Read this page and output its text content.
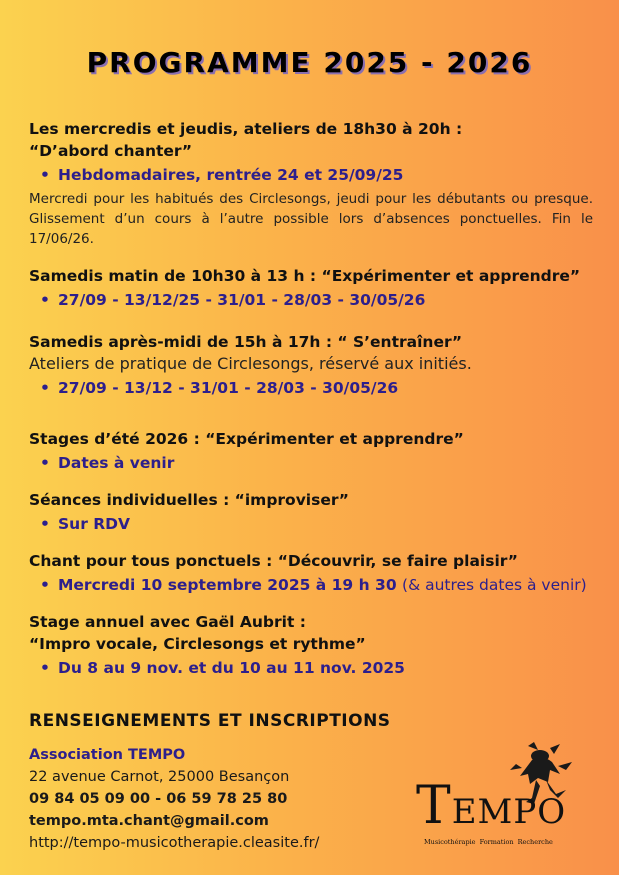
PROGRAMME 2025 - 2026
Les mercredis et jeudis, ateliers de 18h30 à 20h :
“D’abord chanter”
• Hebdomadaires, rentrée 24 et 25/09/25
Mercredi pour les habitués des Circlesongs, jeudi pour les débutants ou presque. Glissement d’un cours à l’autre possible lors d’absences ponctuelles. Fin le 17/06/26.
Samedis matin de 10h30 à 13 h : “Expérimenter et apprendre”
• 27/09 - 13/12/25 - 31/01 - 28/03 - 30/05/26
Samedis après-midi de 15h à 17h : “ S’entraîner”
Ateliers de pratique de Circlesongs, réservé aux initiés.
• 27/09 - 13/12 - 31/01 - 28/03 - 30/05/26
Stages d’été 2026 : “Expérimenter et apprendre”
• Dates à venir
Séances individuelles : “improviser”
• Sur RDV
Chant pour tous ponctuels : “Découvrir, se faire plaisir”
• Mercredi 10 septembre 2025 à 19 h 30 (& autres dates à venir)
Stage annuel avec Gaël Aubrit :
“Impro vocale, Circlesongs et rythme”
• Du 8 au 9 nov. et du 10 au 11 nov. 2025
RENSEIGNEMENTS ET INSCRIPTIONS
Association TEMPO
22 avenue Carnot, 25000 Besançon
09 84 05 09 00 - 06 59 78 25 80
tempo.mta.chant@gmail.com
http://tempo-musicotherapie.cleasite.fr/
TEMPO
Musicothérapie Formation Recherche
